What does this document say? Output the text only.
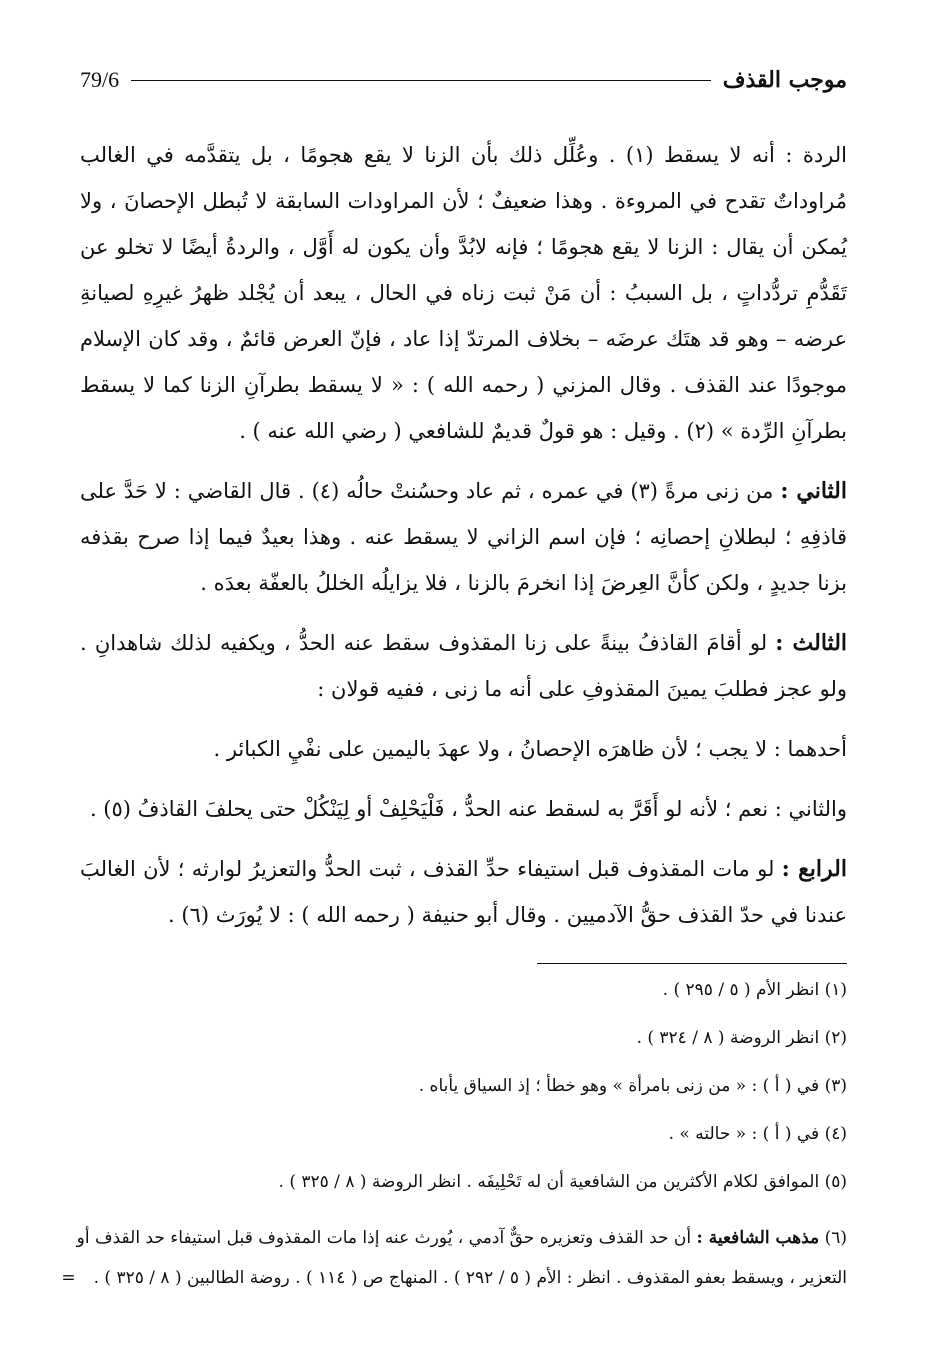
موجب القذف
79/6

الردة : أنه لا يسقط (١) . وعُلِّل ذلك بأن الزنا لا يقع هجومًا ، بل يتقدَّمه في الغالب مُراوداتٌ تقدح في المروءة . وهذا ضعيفٌ ؛ لأن المراودات السابقة لا تُبطل الإحصانَ ، ولا يُمكن أن يقال : الزنا لا يقع هجومًا ؛ فإنه لابُدَّ وأن يكون له أَوَّل ، والردةُ أيضًا لا تخلو عن تَقَدُّمِ تردُّداتٍ ، بل السببُ : أن مَنْ ثبت زناه في الحال ، يبعد أن يُجْلد ظهرُ غيرِهِ لصيانةِ عرضه – وهو قد هتَك عرضَه – بخلاف المرتدّ إذا عاد ، فإنّ العرض قائمٌ ، وقد كان الإسلام موجودًا عند القذف . وقال المزني ( رحمه الله ) : « لا يسقط بطرآنِ الزنا كما لا يسقط بطرآنِ الرِّدة » (٢) . وقيل : هو قولٌ قديمٌ للشافعي ( رضي الله عنه ) .

الثاني : من زنى مرةً (٣) في عمره ، ثم عاد وحسُنتْ حالُه (٤) . قال القاضي : لا حَدَّ على قاذفِهِ ؛ لبطلانِ إحصانِه ؛ فإن اسم الزاني لا يسقط عنه . وهذا بعيدٌ فيما إذا صرح بقذفه بزنا جديدٍ ، ولكن كأنَّ العِرضَ إذا انخرمَ بالزنا ، فلا يزايلُه الخللُ بالعفّة بعدَه .

الثالث : لو أقامَ القاذفُ بينةً على زنا المقذوف سقط عنه الحدُّ ، ويكفيه لذلك شاهدانِ . ولو عجز فطلبَ يمينَ المقذوفِ على أنه ما زنى ، ففيه قولان :

أحدهما : لا يجب ؛ لأن ظاهرَه الإحصانُ ، ولا عهدَ باليمين على نفْيِ الكبائر .

والثاني : نعم ؛ لأنه لو أَقَرَّ به لسقط عنه الحدُّ ، فَلْيَحْلِفْ أو لِيَنْكُلْ حتى يحلفَ القاذفُ (٥) .

الرابع : لو مات المقذوف قبل استيفاء حدِّ القذف ، ثبت الحدُّ والتعزيرُ لوارثه ؛ لأن الغالبَ عندنا في حدّ القذف حقُّ الآدميين . وقال أبو حنيفة ( رحمه الله ) : لا يُورَث (٦) .

(١) انظر الأم ( ٥ / ٢٩٥ ) .
(٢) انظر الروضة ( ٨ / ٣٢٤ ) .
(٣) في ( أ ) : « من زنى بامرأة » وهو خطأ ؛ إذ السياق يأباه .
(٤) في ( أ ) : « حالته » .
(٥) الموافق لكلام الأكثرين من الشافعية أن له تَحْلِيفَه . انظر الروضة ( ٨ / ٣٢٥ ) .
(٦) مذهب الشافعية : أن حد القذف وتعزيره حقٌّ آدمي ، يُورث عنه إذا مات المقذوف قبل استيفاء حد القذف أو التعزير ، ويسقط بعفو المقذوف . انظر : الأم ( ٥ / ٢٩٢ ) . المنهاج ص ( ١١٤ ) . روضة الطالبين ( ٨ / ٣٢٥ ) .=
